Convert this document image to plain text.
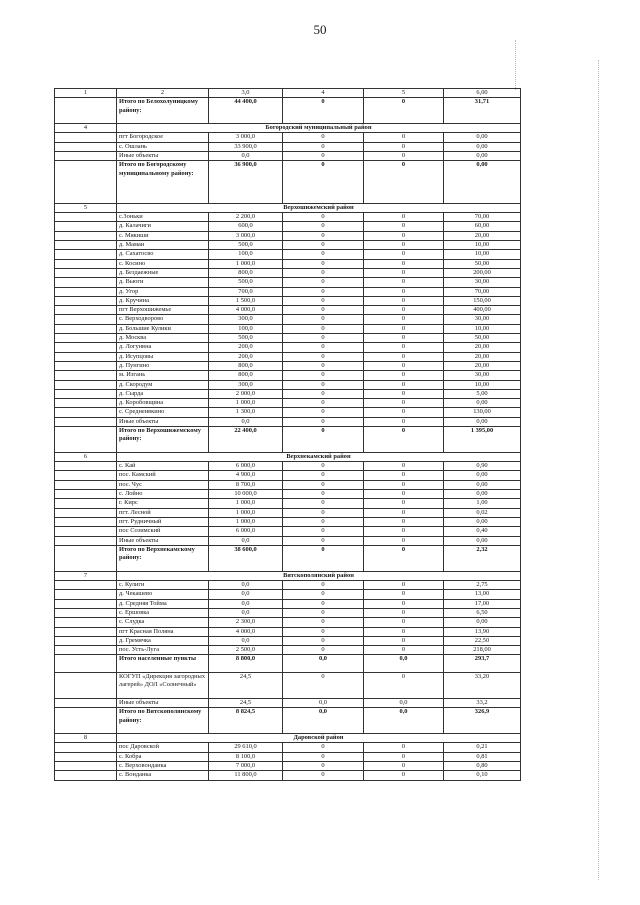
50
1	2	3,0	4	5	6,00
	Итого по Белохолуницкому району:	44 400,0	0	0	31,71
4	Богородский муниципальный район				
	пгт Богородское	3 000,0	0	0	0,00
	с. Ошлань	33 900,0	0	0	0,00
	Иные объекты	0,0	0	0	0,00
	Итого по Богородскому муниципальному району:	36 900,0	0	0	0,00
5	Верхошижемский район				
	с.Зоньки	2 200,0	0	0	70,00
	д. Калачиги	600,0	0	0	60,00
	с. Мякиши	3 000,0	0	0	20,00
	д. Мамаи	500,0	0	0	10,00
	д. Сахатосво	100,0	0	0	10,00
	с. Косино	1 000,0	0	0	50,00
	д. Бездаежные	800,0	0	0	200,00
	д. Вьюги	500,0	0	0	30,00
	д. Угор	700,0	0	0	70,00
	д. Кручина	1 500,0	0	0	150,00
	пгт Верхошижемье	4 000,0	0	0	400,00
	с. Верходворово	300,0	0	0	30,00
	д. Большие Кулики	100,0	0	0	10,00
	д. Москва	500,0	0	0	50,00
	д. Логунвна	200,0	0	0	20,00
	д. Исупцовы	200,0	0	0	20,00
	д. Пунгино	800,0	0	0	20,00
	м. Изгань	800,0	0	0	30,00
	д. Скородум	300,0	0	0	10,00
	д. Сырда	2 000,0	0	0	5,00
	д. Коробовщина	1 000,0	0	0	0,00
	с. Среднеивкино	1 300,0	0	0	130,00
	Иные объекты	0,0	0	0	0,00
	Итого по Верхошижемскому району:	22 400,0	0	0	1 395,00
6	Верхнекамский район				
	с. Кай	6 000,0	0	0	0,90
	пос. Камский	4 900,0	0	0	0,00
	пос. Чус	8 700,0	0	0	0,00
	с. Лойно	10 000,0	0	0	0,00
	г. Кирс	1 000,0	0	0	1,00
	пгт. Лесной	1 000,0	0	0	0,02
	пгт. Рудничный	1 000,0	0	0	0,00
	пос Созимский	6 000,0	0	0	0,40
	Иные объекты	0,0	0	0	0,00
	Итого по Верхнекамскому району:	38 600,0	0	0	2,32
7	Вятскополянский район				
	с. Кулиги	0,0	0	0	2,75
	д. Чекашево	0,0	0	0	13,00
	д. Средняя Тойма	0,0	0	0	17,00
	с. Ершовка	0,0	0	0	6,50
	с. Слудка	2 300,0	0	0	0,00
	пгт Красная Поляна	4 000,0	0	0	13,90
	д. Гремячка	0,0	0	0	22,50
	пос. Усть-Луга	2 500,0	0	0	218,00
	Итого населенные пункты	8 800,0	0,0	0,0	293,7
	КОГУП «Дирекция загородных лагерей» ДОЛ «Солнечный»	24,5	0	0	33,20
	Иные объекты	24,5	0,0	0,0	33,2
	Итого по Вятскополянскому району:	8 824,5	0,0	0,0	326,9
8	Даровской район				
	пос Даровской	29 610,0	0	0	0,21
	с. Кобра	8 100,0	0	0	0,81
	с. Верховонданка	7 000,0	0	0	0,80
	с. Вонданка	11 800,0	0	0	0,10
